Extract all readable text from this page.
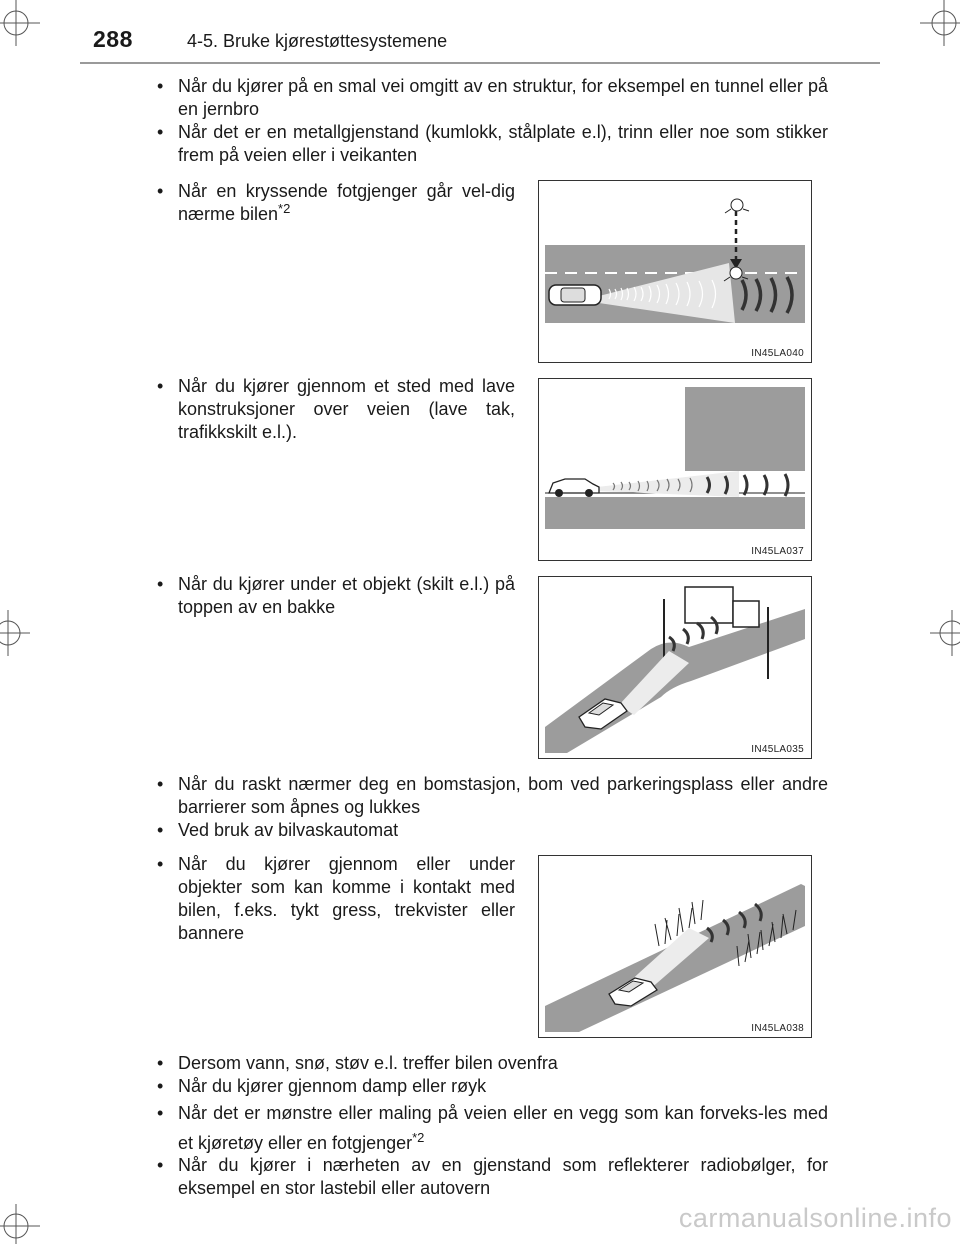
288	4-5. Bruke kjørestøttesystemene
• Når du kjører på en smal vei omgitt av en struktur, for eksempel en tunnel eller på en jernbro
• Når det er en metallgjenstand (kumlokk, stålplate e.l), trinn eller noe som stikker frem på veien eller i veikanten
• Når en kryssende fotgjenger går vel-dig nærme bilen$^{*2}$
IN45LA040
• Når du kjører gjennom et sted med lave konstruksjoner over veien (lave tak, trafikkskilt e.l.).
IN45LA037
• Når du kjører under et objekt (skilt e.l.) på toppen av en bakke
IN45LA035
• Når du raskt nærmer deg en bomstasjon, bom ved parkeringsplass eller andre barrierer som åpnes og lukkes
• Ved bruk av bilvaskautomat
• Når du kjører gjennom eller under objekter som kan komme i kontakt med bilen, f.eks. tykt gress, trekvister eller bannere
IN45LA038
• Dersom vann, snø, støv e.l. treffer bilen ovenfra
• Når du kjører gjennom damp eller røyk
• Når det er mønstre eller maling på veien eller en vegg som kan forveks-les med et kjøretøy eller en fotgjenger$^{*2}$
• Når du kjører i nærheten av en gjenstand som reflekterer radiobølger, for eksempel en stor lastebil eller autovern
carmanualsonline.info
